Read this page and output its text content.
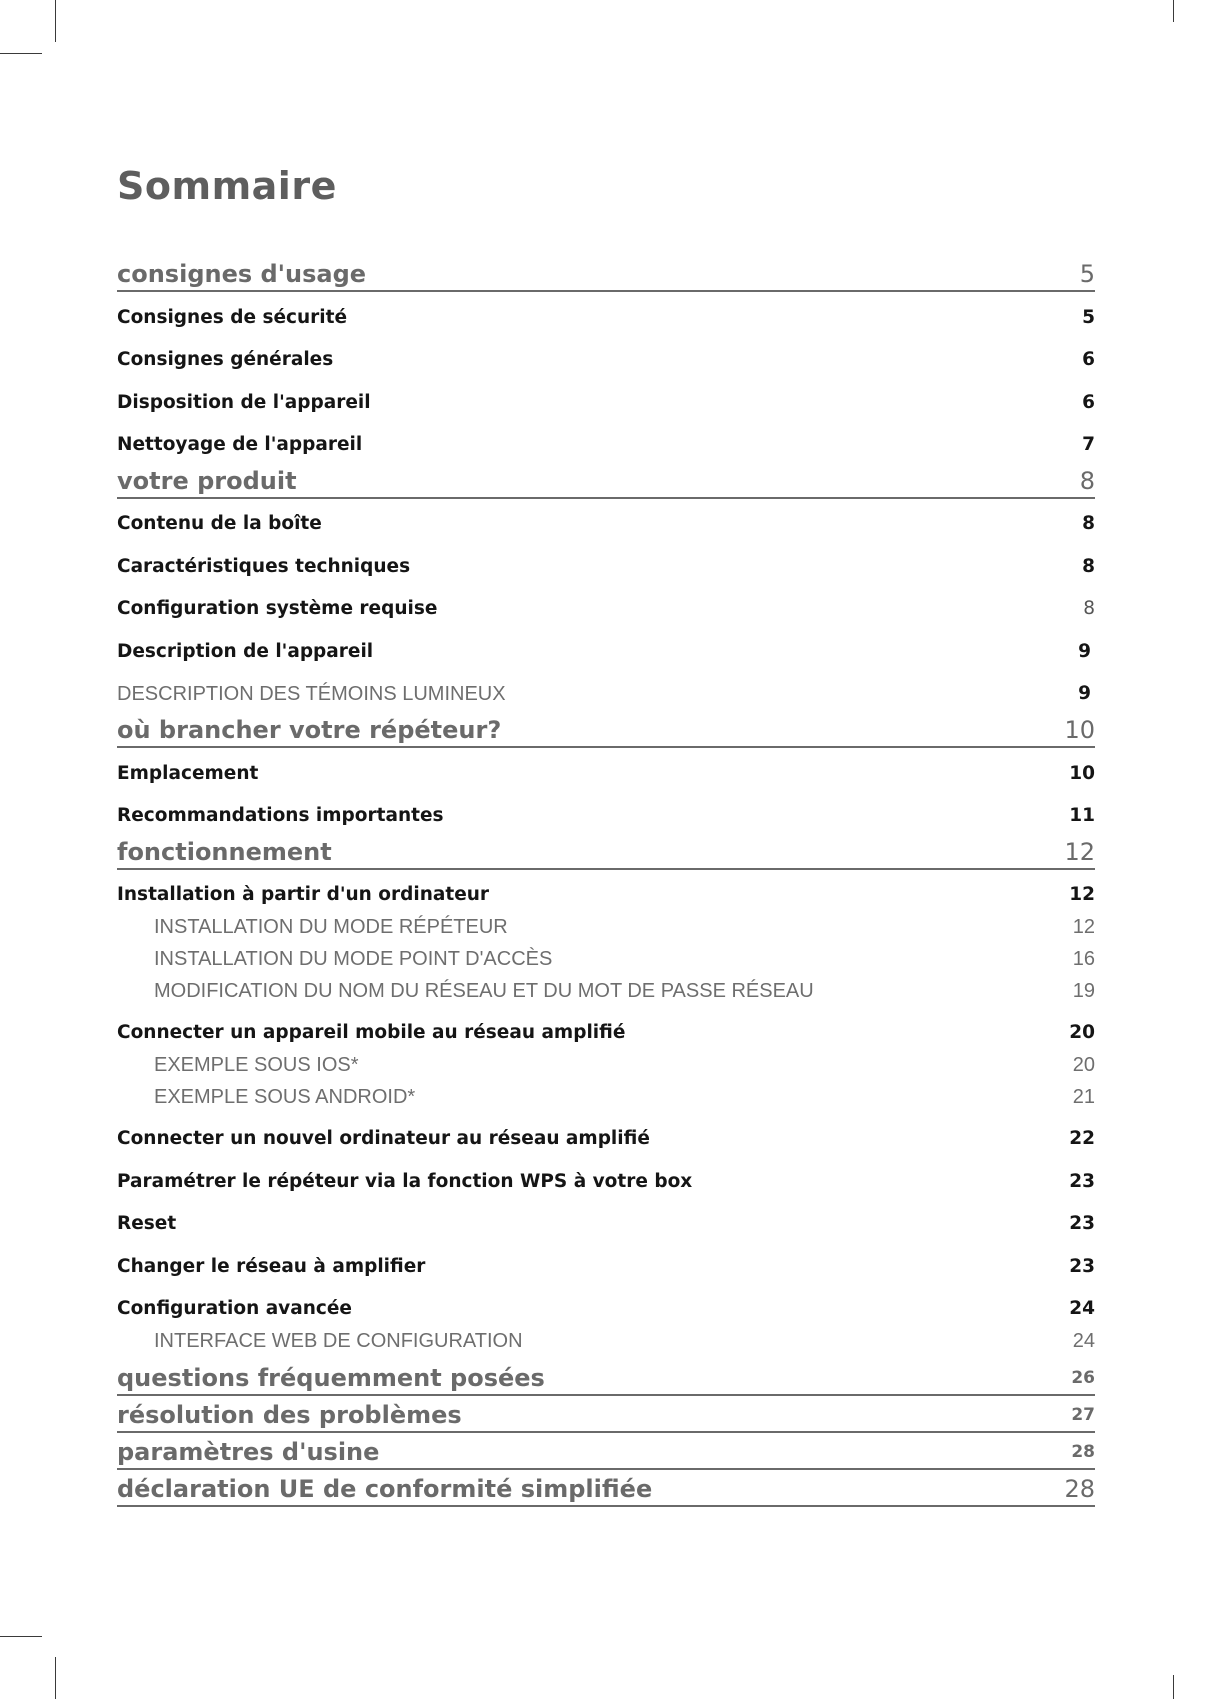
Sommaire
consignes d'usage	5
Consignes de sécurité	5
Consignes générales	6
Disposition de l'appareil	6
Nettoyage de l'appareil	7
votre produit	8
Contenu de la boîte	8
Caractéristiques techniques	8
Configuration système requise	8
Description de l'appareil	9
DESCRIPTION DES TÉMOINS LUMINEUX	9
où brancher votre répéteur?	10
Emplacement	10
Recommandations importantes	11
fonctionnement	12
Installation à partir d'un ordinateur	12
INSTALLATION DU MODE RÉPÉTEUR	12
INSTALLATION DU MODE POINT D'ACCÈS	16
MODIFICATION DU NOM DU RÉSEAU ET DU MOT DE PASSE RÉSEAU	19
Connecter un appareil mobile au réseau amplifié	20
EXEMPLE SOUS IOS*	20
EXEMPLE SOUS ANDROID*	21
Connecter un nouvel ordinateur au réseau amplifié	22
Paramétrer le répéteur via la fonction WPS à votre box	23
Reset	23
Changer le réseau à amplifier	23
Configuration avancée	24
INTERFACE WEB DE CONFIGURATION	24
questions fréquemment posées	26
résolution des problèmes	27
paramètres d'usine	28
déclaration UE de conformité simplifiée	28
